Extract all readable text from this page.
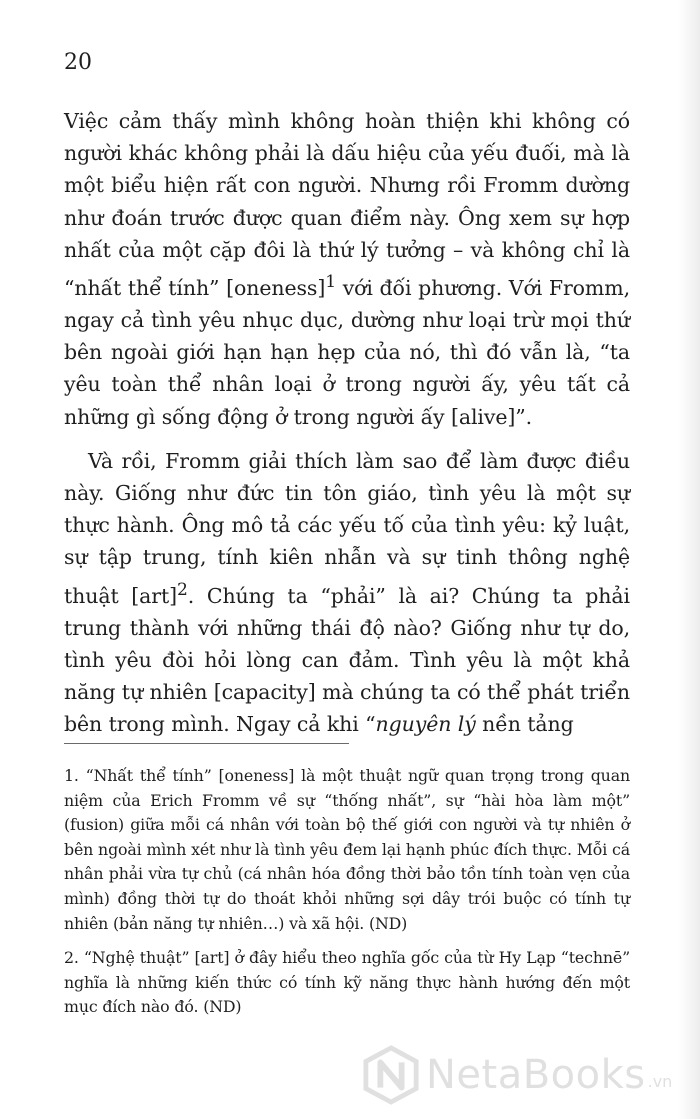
20

Việc cảm thấy mình không hoàn thiện khi không có người khác không phải là dấu hiệu của yếu đuối, mà là một biểu hiện rất con người. Nhưng rồi Fromm dường như đoán trước được quan điểm này. Ông xem sự hợp nhất của một cặp đôi là thứ lý tưởng – và không chỉ là “nhất thể tính” [oneness]$^1$ với đối phương. Với Fromm, ngay cả tình yêu nhục dục, dường như loại trừ mọi thứ bên ngoài giới hạn hạn hẹp của nó, thì đó vẫn là, “ta yêu toàn thể nhân loại ở trong người ấy, yêu tất cả những gì sống động ở trong người ấy [alive]”.

Và rồi, Fromm giải thích làm sao để làm được điều này. Giống như đức tin tôn giáo, tình yêu là một sự thực hành. Ông mô tả các yếu tố của tình yêu: kỷ luật, sự tập trung, tính kiên nhẫn và sự tinh thông nghệ thuật [art]$^2$. Chúng ta “phải” là ai? Chúng ta phải trung thành với những thái độ nào? Giống như tự do, tình yêu đòi hỏi lòng can đảm. Tình yêu là một khả năng tự nhiên [capacity] mà chúng ta có thể phát triển bên trong mình. Ngay cả khi “nguyên lý nền tảng

1. “Nhất thể tính” [oneness] là một thuật ngữ quan trọng trong quan niệm của Erich Fromm về sự “thống nhất”, sự “hài hòa làm một” (fusion) giữa mỗi cá nhân với toàn bộ thế giới con người và tự nhiên ở bên ngoài mình xét như là tình yêu đem lại hạnh phúc đích thực. Mỗi cá nhân phải vừa tự chủ (cá nhân hóa đồng thời bảo tồn tính toàn vẹn của mình) đồng thời tự do thoát khỏi những sợi dây trói buộc có tính tự nhiên (bản năng tự nhiên…) và xã hội. (ND)

2. “Nghệ thuật” [art] ở đây hiểu theo nghĩa gốc của từ Hy Lạp “technē” nghĩa là những kiến thức có tính kỹ năng thực hành hướng đến một mục đích nào đó. (ND)

NetaBooks .vn
